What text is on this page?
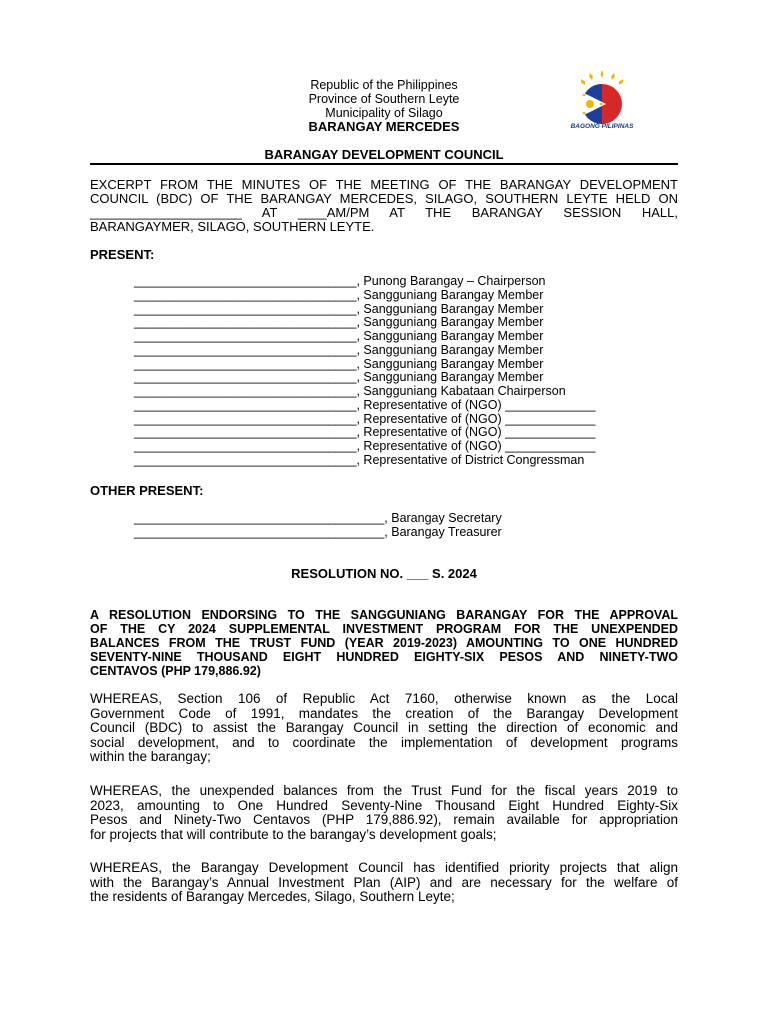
Republic of the Philippines
Province of Southern Leyte
Municipality of Silago
BARANGAY MERCEDES	BAGONG PILIPINAS
BARANGAY DEVELOPMENT COUNCIL
EXCERPT FROM THE MINUTES OF THE MEETING OF THE BARANGAY DEVELOPMENT
COUNCIL (BDC) OF THE BARANGAY MERCEDES, SILAGO, SOUTHERN LEYTE HELD ON
_____________________ AT ____AM/PM AT THE BARANGAY SESSION HALL,
BARANGAYMER, SILAGO, SOUTHERN LEYTE.
PRESENT:
________________________________, Punong Barangay – Chairperson
________________________________, Sangguniang Barangay Member
________________________________, Sangguniang Barangay Member
________________________________, Sangguniang Barangay Member
________________________________, Sangguniang Barangay Member
________________________________, Sangguniang Barangay Member
________________________________, Sangguniang Barangay Member
________________________________, Sangguniang Barangay Member
________________________________, Sangguniang Kabataan Chairperson
________________________________, Representative of (NGO) _____________
________________________________, Representative of (NGO) _____________
________________________________, Representative of (NGO) _____________
________________________________, Representative of (NGO) _____________
________________________________, Representative of District Congressman
OTHER PRESENT:
____________________________________, Barangay Secretary
____________________________________, Barangay Treasurer
RESOLUTION NO. ___ S. 2024
A RESOLUTION ENDORSING TO THE SANGGUNIANG BARANGAY FOR THE APPROVAL
OF THE CY 2024 SUPPLEMENTAL INVESTMENT PROGRAM FOR THE UNEXPENDED
BALANCES FROM THE TRUST FUND (YEAR 2019-2023) AMOUNTING TO ONE HUNDRED
SEVENTY-NINE THOUSAND EIGHT HUNDRED EIGHTY-SIX PESOS AND NINETY-TWO
CENTAVOS (PHP 179,886.92)
WHEREAS, Section 106 of Republic Act 7160, otherwise known as the Local
Government Code of 1991, mandates the creation of the Barangay Development
Council (BDC) to assist the Barangay Council in setting the direction of economic and
social development, and to coordinate the implementation of development programs
within the barangay;
WHEREAS, the unexpended balances from the Trust Fund for the fiscal years 2019 to
2023, amounting to One Hundred Seventy-Nine Thousand Eight Hundred Eighty-Six
Pesos and Ninety-Two Centavos (PHP 179,886.92), remain available for appropriation
for projects that will contribute to the barangay’s development goals;
WHEREAS, the Barangay Development Council has identified priority projects that align
with the Barangay’s Annual Investment Plan (AIP) and are necessary for the welfare of
the residents of Barangay Mercedes, Silago, Southern Leyte;
